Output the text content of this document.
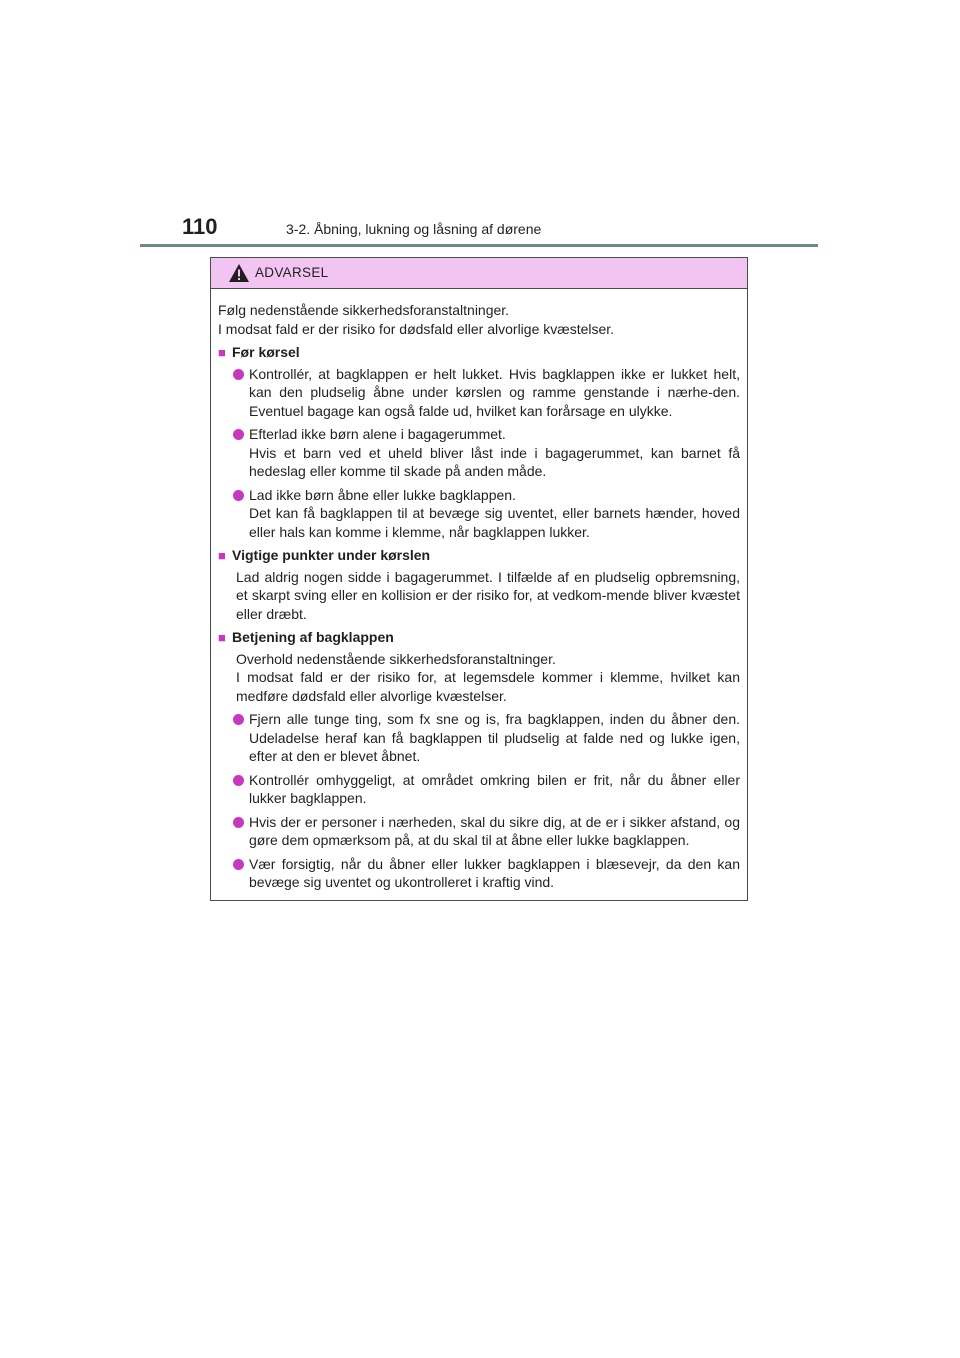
110	3-2. Åbning, lukning og låsning af dørene
ADVARSEL

Følg nedenstående sikkerhedsforanstaltninger.

I modsat fald er der risiko for dødsfald eller alvorlige kvæstelser.

■ Før kørsel

Kontrollér, at bagklappen er helt lukket. Hvis bagklappen ikke er lukket helt, kan den pludselig åbne under kørslen og ramme genstande i nærhe-den. Eventuel bagage kan også falde ud, hvilket kan forårsage en ulykke.

Efterlad ikke børn alene i bagagerummet.

Hvis et barn ved et uheld bliver låst inde i bagagerummet, kan barnet få hedeslag eller komme til skade på anden måde.

Lad ikke børn åbne eller lukke bagklappen.

Det kan få bagklappen til at bevæge sig uventet, eller barnets hænder, hoved eller hals kan komme i klemme, når bagklappen lukker.

■ Vigtige punkter under kørslen

Lad aldrig nogen sidde i bagagerummet. I tilfælde af en pludselig opbremsning, et skarpt sving eller en kollision er der risiko for, at vedkom-mende bliver kvæstet eller dræbt.

■ Betjening af bagklappen

Overhold nedenstående sikkerhedsforanstaltninger.

I modsat fald er der risiko for, at legemsdele kommer i klemme, hvilket kan medføre dødsfald eller alvorlige kvæstelser.

Fjern alle tunge ting, som fx sne og is, fra bagklappen, inden du åbner den. Udeladelse heraf kan få bagklappen til pludselig at falde ned og lukke igen, efter at den er blevet åbnet.

Kontrollér omhyggeligt, at området omkring bilen er frit, når du åbner eller lukker bagklappen.

Hvis der er personer i nærheden, skal du sikre dig, at de er i sikker afstand, og gøre dem opmærksom på, at du skal til at åbne eller lukke bagklappen.

Vær forsigtig, når du åbner eller lukker bagklappen i blæsevejr, da den kan bevæge sig uventet og ukontrolleret i kraftig vind.
